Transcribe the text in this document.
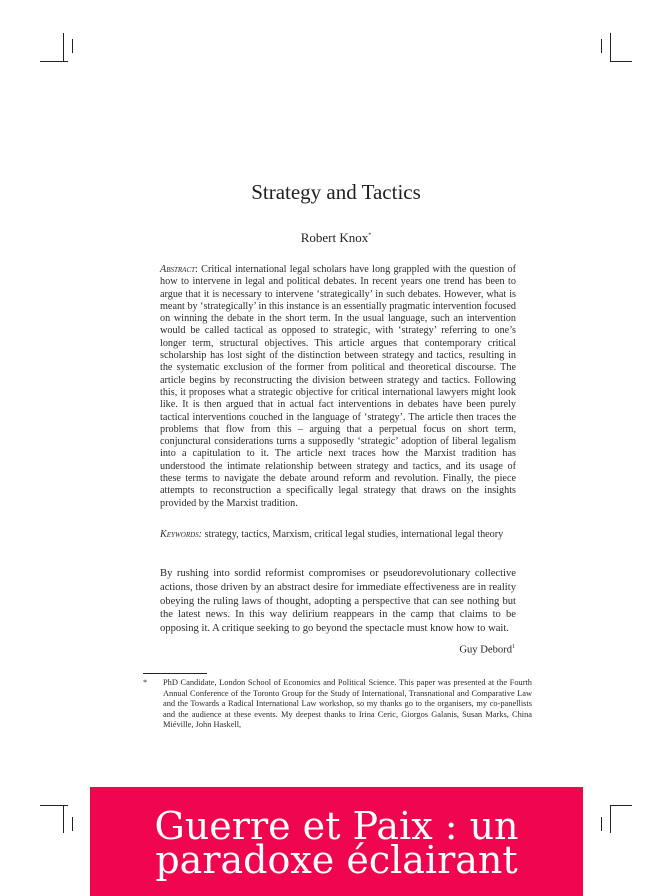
Strategy and Tactics
Robert Knox*
Abstract: Critical international legal scholars have long grappled with the question of how to intervene in legal and political debates. In recent years one trend has been to argue that it is necessary to intervene ‘strategically’ in such debates. However, what is meant by ‘strategically’ in this instance is an essentially pragmatic intervention focused on winning the debate in the short term. In the usual language, such an intervention would be called tactical as opposed to strategic, with ‘strategy’ referring to one’s longer term, structural objectives. This article argues that contemporary critical scholarship has lost sight of the distinction between strategy and tactics, resulting in the systematic exclusion of the former from political and theoretical discourse. The article begins by reconstructing the division between strategy and tactics. Following this, it proposes what a strategic objective for critical international lawyers might look like. It is then argued that in actual fact interventions in debates have been purely tactical interventions couched in the language of ‘strategy’. The article then traces the problems that flow from this – arguing that a perpetual focus on short term, conjunctural considerations turns a supposedly ‘strategic’ adoption of liberal legalism into a capitulation to it. The article next traces how the Marxist tradition has understood the intimate relationship between strategy and tactics, and its usage of these terms to navigate the debate around reform and revolution. Finally, the piece attempts to reconstruction a specifically legal strategy that draws on the insights provided by the Marxist tradition.
Keywords: strategy, tactics, Marxism, critical legal studies, international legal theory
By rushing into sordid reformist compromises or pseudorevolutionary collective actions, those driven by an abstract desire for immediate effectiveness are in reality obeying the ruling laws of thought, adopting a perspective that can see nothing but the latest news. In this way delirium reappears in the camp that claims to be opposing it. A critique seeking to go beyond the spectacle must know how to wait.
Guy Debord$^1$
* PhD Candidate, London School of Economics and Political Science. This paper was presented at the Fourth Annual Conference of the Toronto Group for the Study of International, Transnational and Comparative Law and the Towards a Radical International Law workshop, so my thanks go to the organisers, my co-panellists and the audience at these events. My deepest thanks to Irina Ceric, Giorgos Galanis, Susan Marks, China Miéville, John Haskell,
Guerre et Paix : un
paradoxe éclairant
